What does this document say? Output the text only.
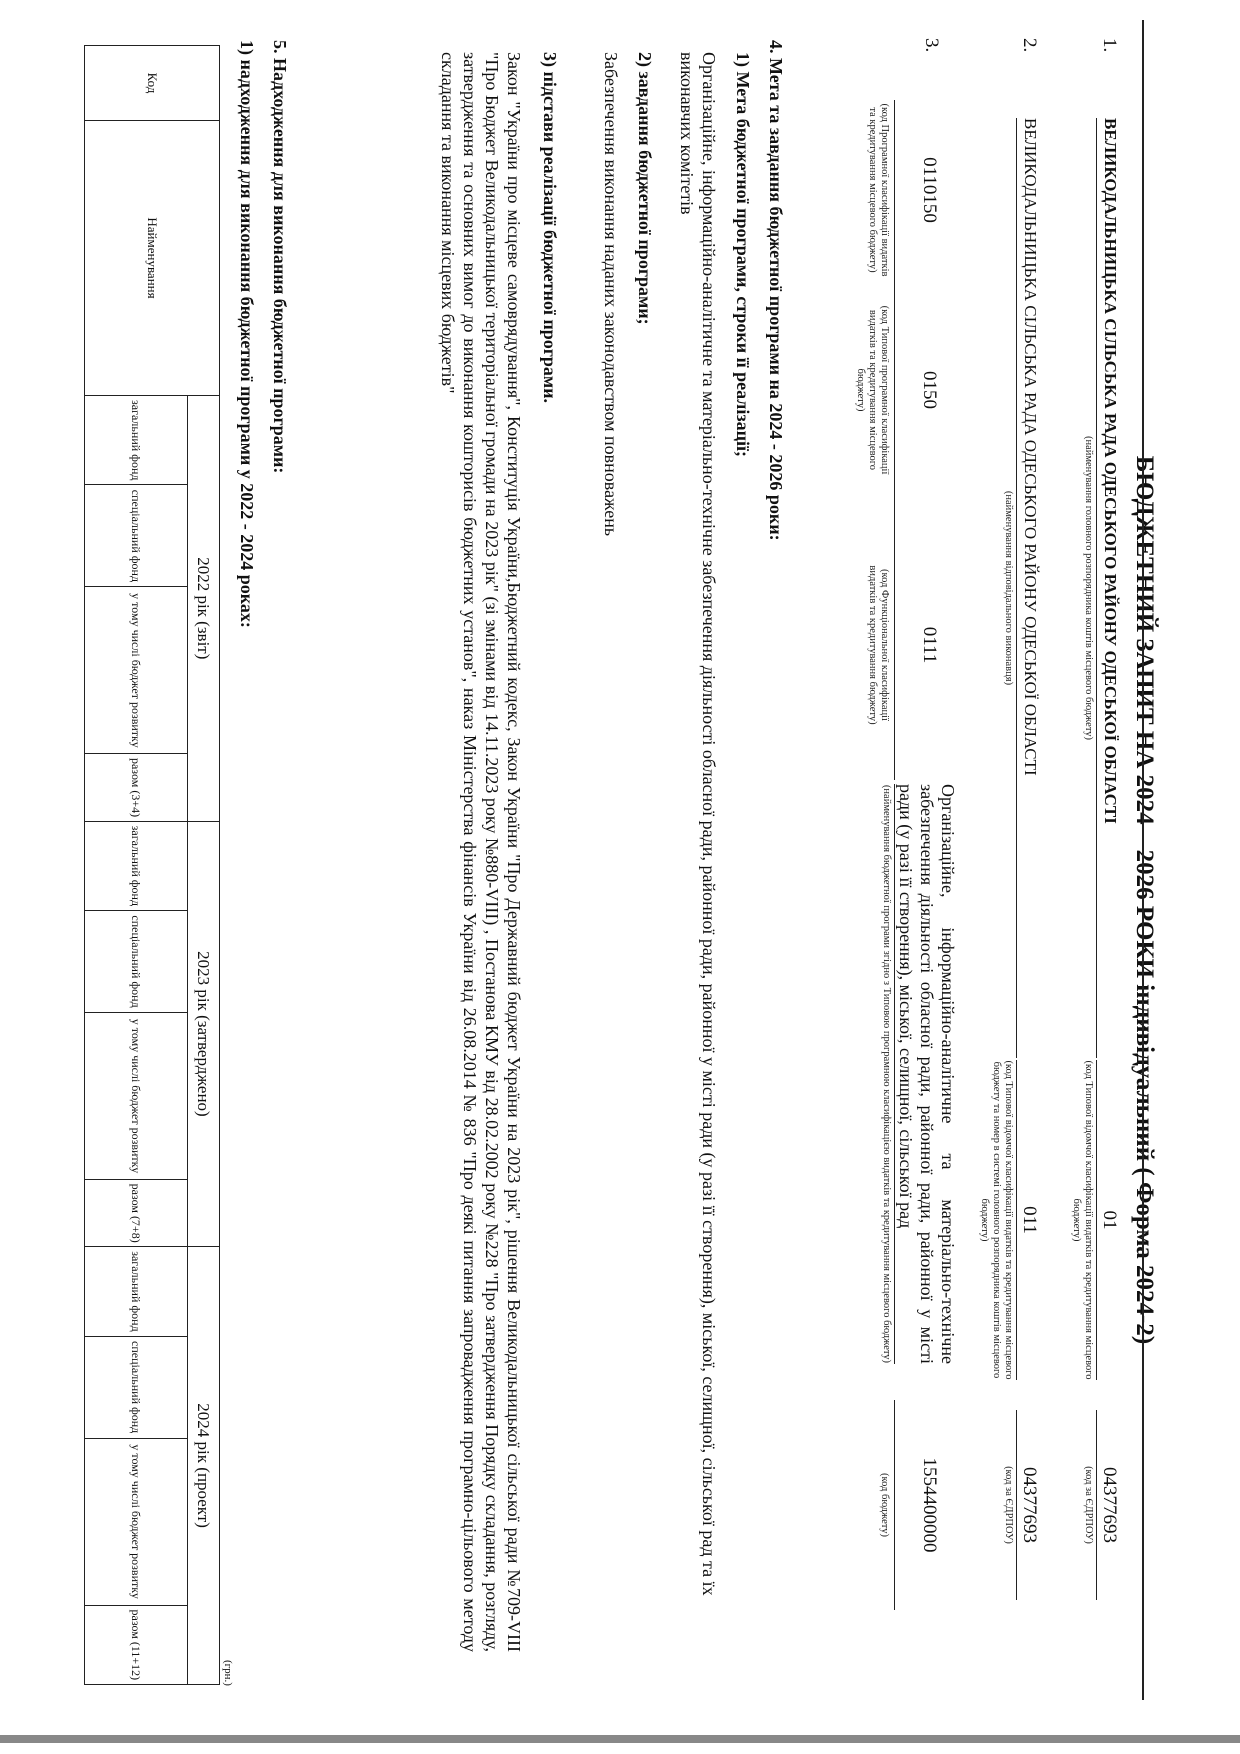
БЮДЖЕТНИЙ ЗАПИТ НА 2024 – 2026 РОКИ індивідуальний ( Форма 2024-2)
1.
ВЕЛИКОДАЛЬНИЦЬКА СІЛЬСЬКА РАДА ОДЕСЬКОГО РАЙОНУ ОДЕСЬКОЇ ОБЛАСТІ
(найменування головного розпорядника коштів місцевого бюджету)
01
(код Типової відомчої класифікації видатків та кредитування місцевого бюджету)
04377693
(код за ЄДРПОУ)
2.
ВЕЛИКОДАЛЬНИЦЬКА СІЛЬСЬКА РАДА ОДЕСЬКОГО РАЙОНУ ОДЕСЬКОЇ ОБЛАСТІ
(найменування відповідального виконавця)
011
(код Типової відомчої класифікації видатків та кредитування місцевого бюджету та номер в системі головного розпорядника коштів місцевого бюджету)
04377693
(код за ЄДРПОУ)
3.
0110150
(код Програмної класифікації видатків та кредитування місцевого бюджету)
0150
(код Типової програмної класифікації видатків та кредитування місцевого бюджету)
0111
(код Функціональної класифікації видатків та кредитування бюджету)
Організаційне, інформаційно-аналітичне та матеріально-технічне забезпечення діяльності обласної ради, районної ради, районної у місті ради (у разі її створення), міської, селищної, сільської рад
(найменування бюджетної програми згідно з Типовою програмною класифікацією видатків та кредитування місцевого бюджету)
1554400000
(код бюджету)
4. Мета та завдання бюджетної програми на 2024 - 2026 роки:
1) Мета бюджетної програми, строки її реалізації;
Організаційне, інформаційно-аналітичне та матеріально-технічне забезпечення діяльності обласної ради, районної ради, районної у місті ради (у разі її створення), міської, селищної, сільської рад та їх виконавчих комітетів
2) завдання бюджетної програми;
Забезпечення виконання наданих законодавством повноважень
3) підстави реалізації бюджетної програми.
Закон "України про місцеве самоврядування", Конституція України,Бюджетний кодекс, Закон України "Про Державний бюджет України на 2023 рік", рішення Великодальницької сільської ради №709-VIII "Про Бюджет Великодальницької територіальної громади на 2023 рік" (зі змінами від 14.11.2023 року №880-VIII) , Постанова КМУ від 28.02.2002 року №228 "Про затвердження Порядку складання, розгляду, затвердження та основних вимог до виконання кошторисів бюджетних установ", наказ Міністерства фінансів України від 26.08.2014 № 836 "Про деякі питання запровадження програмно-цільового методу складання та виконання місцевих бюджетів"
5. Надходження для виконання бюджетної програми:
1) надходження для виконання бюджетної програми у 2022 - 2024 роках:
(грн.)
Код	Найменування	2022 рік (звіт)				2023 рік (затверджено)				2024 рік (проект)			
		загальний фонд	спеціальний фонд	у тому числі бюджет розвитку	разом (3+4)	загальний фонд	спеціальний фонд	у тому числі бюджет розвитку	разом (7+8)	загальний фонд	спеціальний фонд	у тому числі бюджет розвитку	разом (11+12)
